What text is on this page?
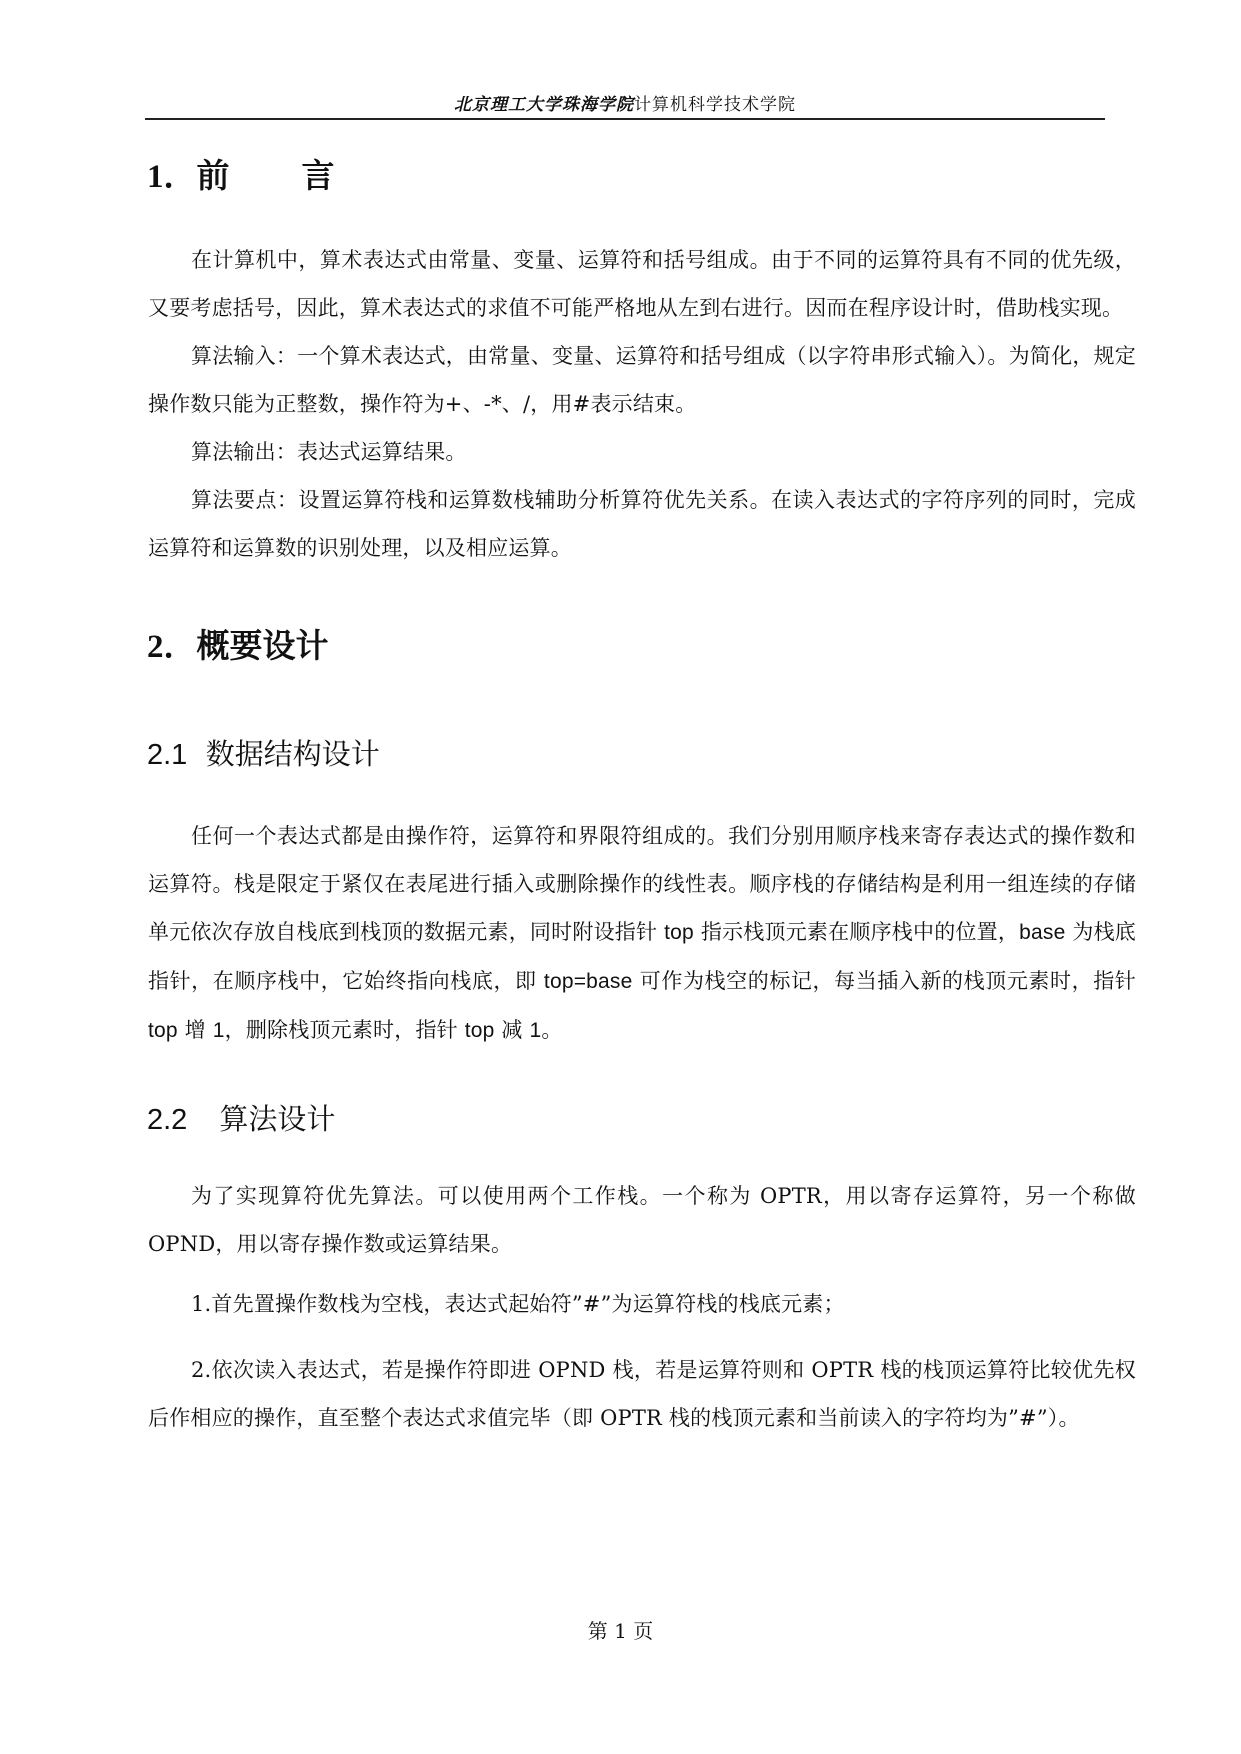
北京理工大学珠海学院计算机科学技术学院
1．前 言
在计算机中，算术表达式由常量、变量、运算符和括号组成。由于不同的运算符具有不同的优先级，又要考虑括号，因此，算术表达式的求值不可能严格地从左到右进行。因而在程序设计时，借助栈实现。
算法输入：一个算术表达式，由常量、变量、运算符和括号组成（以字符串形式输入）。为简化，规定操作数只能为正整数，操作符为+、-*、/，用#表示结束。
算法输出：表达式运算结果。
算法要点：设置运算符栈和运算数栈辅助分析算符优先关系。在读入表达式的字符序列的同时，完成运算符和运算数的识别处理，以及相应运算。
2．概要设计
2.1 数据结构设计
任何一个表达式都是由操作符，运算符和界限符组成的。我们分别用顺序栈来寄存表达式的操作数和运算符。栈是限定于紧仅在表尾进行插入或删除操作的线性表。顺序栈的存储结构是利用一组连续的存储单元依次存放自栈底到栈顶的数据元素，同时附设指针 top 指示栈顶元素在顺序栈中的位置，base 为栈底指针，在顺序栈中，它始终指向栈底，即 top=base 可作为栈空的标记，每当插入新的栈顶元素时，指针 top 增 1，删除栈顶元素时，指针 top 减 1。
2.2 算法设计
为了实现算符优先算法。可以使用两个工作栈。一个称为 OPTR，用以寄存运算符，另一个称做 OPND，用以寄存操作数或运算结果。
1.首先置操作数栈为空栈，表达式起始符”#”为运算符栈的栈底元素；
2.依次读入表达式，若是操作符即进 OPND 栈，若是运算符则和 OPTR 栈的栈顶运算符比较优先权后作相应的操作，直至整个表达式求值完毕（即 OPTR 栈的栈顶元素和当前读入的字符均为”#”）。
第 1 页
